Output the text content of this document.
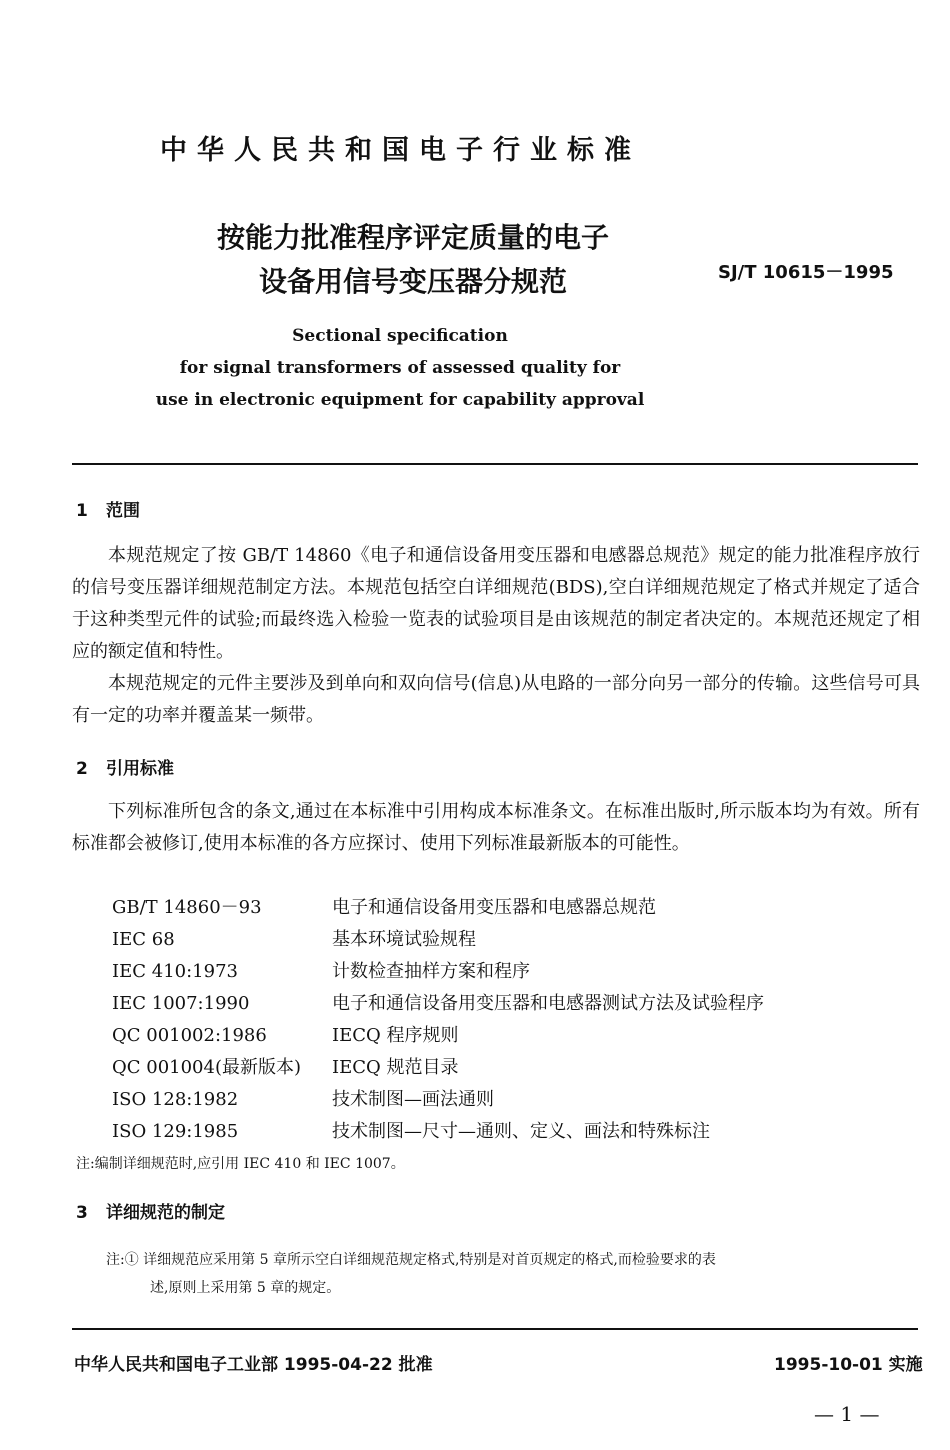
中华人民共和国电子行业标准
按能力批准程序评定质量的电子
设备用信号变压器分规范	SJ/T 10615－1995
Sectional specification
for signal transformers of assessed quality for
use in electronic equipment for capability approval
1 范围
本规范规定了按 GB/T 14860《电子和通信设备用变压器和电感器总规范》规定的能力批准程序放行的信号变压器详细规范制定方法。本规范包括空白详细规范(BDS),空白详细规范规定了格式并规定了适合于这种类型元件的试验;而最终选入检验一览表的试验项目是由该规范的制定者决定的。本规范还规定了相应的额定值和特性。
本规范规定的元件主要涉及到单向和双向信号(信息)从电路的一部分向另一部分的传输。这些信号可具有一定的功率并覆盖某一频带。
2 引用标准
下列标准所包含的条文,通过在本标准中引用构成本标准条文。在标准出版时,所示版本均为有效。所有标准都会被修订,使用本标准的各方应探讨、使用下列标准最新版本的可能性。
GB/T 14860－93	电子和通信设备用变压器和电感器总规范
IEC 68	基本环境试验规程
IEC 410:1973	计数检查抽样方案和程序
IEC 1007:1990	电子和通信设备用变压器和电感器测试方法及试验程序
QC 001002:1986	IECQ 程序规则
QC 001004(最新版本) IECQ 规范目录
ISO 128:1982	技术制图—画法通则
ISO 129:1985	技术制图—尺寸—通则、定义、画法和特殊标注
注:编制详细规范时,应引用 IEC 410 和 IEC 1007。
3 详细规范的制定
注:① 详细规范应采用第 5 章所示空白详细规范规定格式,特别是对首页规定的格式,而检验要求的表
述,原则上采用第 5 章的规定。
中华人民共和国电子工业部 1995-04-22 批准	1995-10-01 实施
— 1 —
